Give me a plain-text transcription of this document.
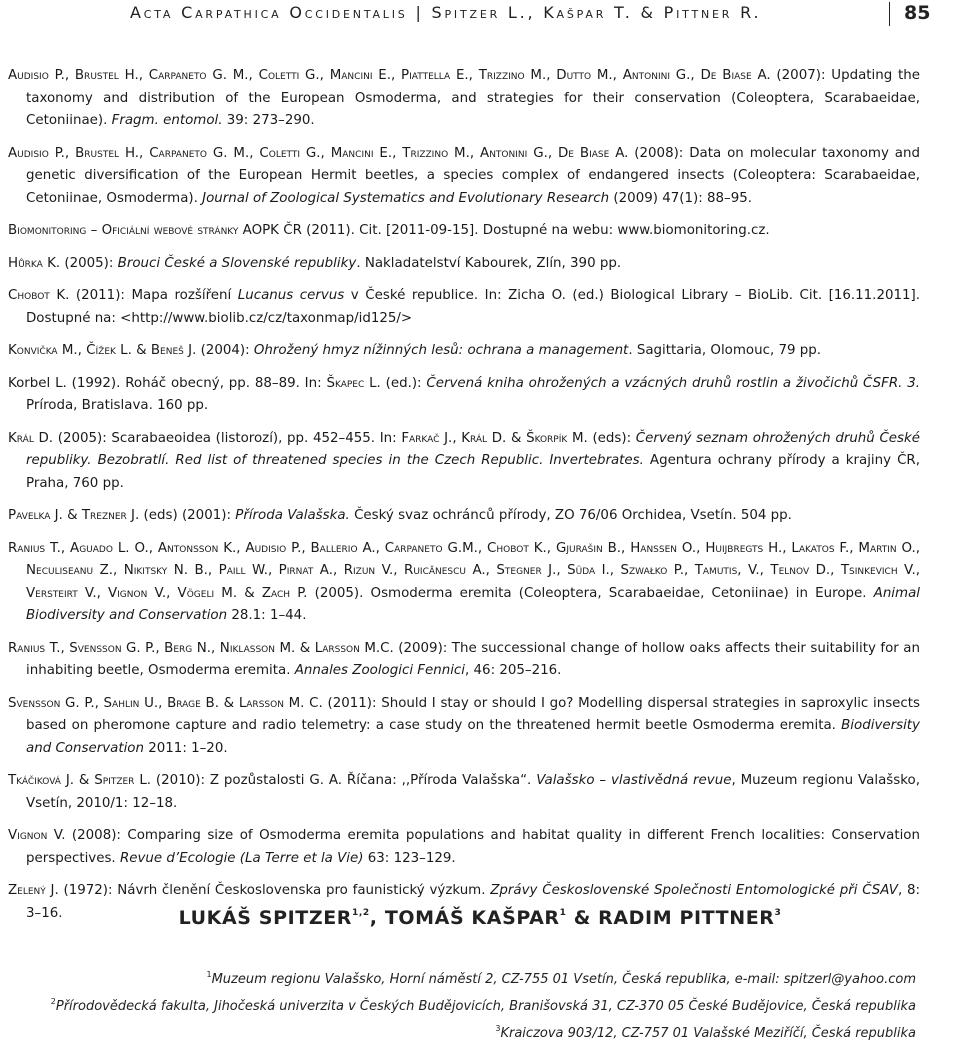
Acta Carpathica Occidentalis | Spitzer L., Kašpar T. & Pittner R.	85

Audisio P., Brustel H., Carpaneto G. M., Coletti G., Mancini E., Piattella E., Trizzino M., Dutto M., Antonini G., De Biase A. (2007): Updating the taxonomy and distribution of the European Osmoderma, and strategies for their conservation (Coleoptera, Scarabaeidae, Cetoniinae). Fragm. entomol. 39: 273–290.

Audisio P., Brustel H., Carpaneto G. M., Coletti G., Mancini E., Trizzino M., Antonini G., De Biase A. (2008): Data on molecular taxonomy and genetic diversification of the European Hermit beetles, a species complex of endangered insects (Coleoptera: Scarabaeidae, Cetoniinae, Osmoderma). Journal of Zoological Systematics and Evolutionary Research (2009) 47(1): 88–95.

Biomonitoring – Oficiální webové stránky AOPK ČR (2011). Cit. [2011-09-15]. Dostupné na webu: www.biomonitoring.cz.

Hůrka K. (2005): Brouci České a Slovenské republiky. Nakladatelství Kabourek, Zlín, 390 pp.

Chobot K. (2011): Mapa rozšíření Lucanus cervus v České republice. In: Zicha O. (ed.) Biological Library – BioLib. Cit. [16.11.2011]. Dostupné na: <http://www.biolib.cz/cz/taxonmap/id125/>

Konvička M., Čížek L. & Beneš J. (2004): Ohrožený hmyz nížinných lesů: ochrana a management. Sagittaria, Olomouc, 79 pp.

Korbel L. (1992). Roháč obecný, pp. 88–89. In: Škapec L. (ed.): Červená kniha ohrožených a vzácných druhů rostlin a živočichů ČSFR. 3. Príroda, Bratislava. 160 pp.

Král D. (2005): Scarabaeoidea (listorozí), pp. 452–455. In: Farkač J., Král D. & Škorpík M. (eds): Červený seznam ohrožených druhů České republiky. Bezobratlí. Red list of threatened species in the Czech Republic. Invertebrates. Agentura ochrany přírody a krajiny ČR, Praha, 760 pp.

Pavelka J. & Trezner J. (eds) (2001): Příroda Valašska. Český svaz ochránců přírody, ZO 76/06 Orchidea, Vsetín. 504 pp.

Ranius T., Aguado L. O., Antonsson K., Audisio P., Ballerio A., Carpaneto G.M., Chobot K., Gjurašin B., Hanssen O., Huijbregts H., Lakatos F., Martin O., Neculiseanu Z., Nikitsky N. B., Paill W., Pirnat A., Rizun V., Ruicănescu A., Stegner J., Süda I., Szwałko P., Tamutis, V., Telnov D., Tsinkevich V., Versteirt V., Vignon V., Vögeli M. & Zach P. (2005). Osmoderma eremita (Coleoptera, Scarabaeidae, Cetoniinae) in Europe. Animal Biodiversity and Conservation 28.1: 1–44.

Ranius T., Svensson G. P., Berg N., Niklasson M. & Larsson M.C. (2009): The successional change of hollow oaks affects their suitability for an inhabiting beetle, Osmoderma eremita. Annales Zoologici Fennici, 46: 205–216.

Svensson G. P., Sahlin U., Brage B. & Larsson M. C. (2011): Should I stay or should I go? Modelling dispersal strategies in saproxylic insects based on pheromone capture and radio telemetry: a case study on the threatened hermit beetle Osmoderma eremita. Biodiversity and Conservation 2011: 1–20.

Tkáčiková J. & Spitzer L. (2010): Z pozůstalosti G. A. Říčana: ,,Příroda Valašska“. Valašsko – vlastivědná revue, Muzeum regionu Valašsko, Vsetín, 2010/1: 12–18.

Vignon V. (2008): Comparing size of Osmoderma eremita populations and habitat quality in different French localities: Conservation perspectives. Revue d’Ecologie (La Terre et la Vie) 63: 123–129.

Zelený J. (1972): Návrh členění Československa pro faunistický výzkum. Zprávy Československé Společnosti Entomologické při ČSAV, 8: 3–16.	LUKÁŠ SPITZER$^{1,2}$, TOMÁŠ KAŠPAR$^1$ & RADIM PITTNER$^3$
$^1$Muzeum regionu Valašsko, Horní náměstí 2, CZ-755 01 Vsetín, Česká republika, e-mail: spitzerl@yahoo.com
$^2$Přírodovědecká fakulta, Jihočeská univerzita v Českých Budějovicích, Branišovská 31, CZ-370 05 České Budějovice, Česká republika
$^3$Kraiczova 903/12, CZ-757 01 Valašské Meziříčí, Česká republika
